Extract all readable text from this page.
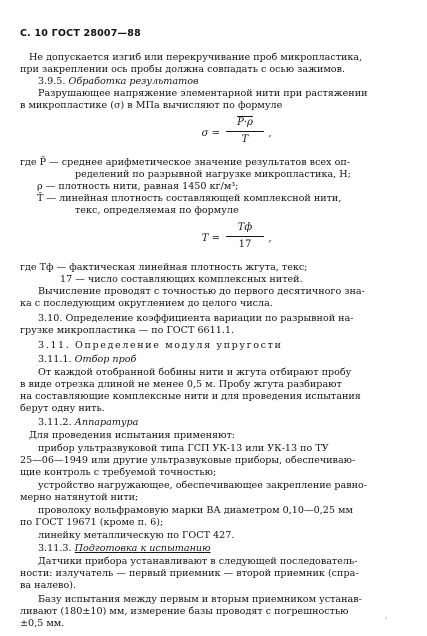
С. 10 ГОСТ 28007—88
Не допускается изгиб или перекручивание проб микропластика,
при закреплении ось пробы должна совпадать с осью зажимов.
3.9.5. Обработка результатов
Разрушающее напряжение элементарной нити при растяжении
в микропластике (σ) в МПа вычисляют по формуле
σ =
P·ρ
T
,
где P̄ — среднее арифметическое значение результатов всех оп-
ределений по разрывной нагрузке микропластика, Н;
ρ — плотность нити, равная 1450 кг/м³;
T̄ — линейная плотность составляющей комплексной нити,
текс, определяемая по формуле
T =
Tф
17
,
где Tф — фактическая линейная плотность жгута, текс;
17 — число составляющих комплексных нитей.
Вычисление проводят с точностью до первого десятичного зна-
ка с последующим округлением до целого числа.
3.10. Определение коэффициента вариации по разрывной на-
грузке микропластика — по ГОСТ 6611.1.
3.11. Определение модуля упругости
3.11.1. Отбор проб
От каждой отобранной бобины нити и жгута отбирают пробу
в виде отрезка длиной не менее 0,5 м. Пробу жгута разбирают
на составляющие комплексные нити и для проведения испытания
берут одну нить.
3.11.2. Аппаратура
Для проведения испытания применяют:
прибор ультразвуковой типа ГСП УК-13 или УК-13 по ТУ
25—06—1949 или другие ультразвуковые приборы, обеспечиваю-
щие контроль с требуемой точностью;
устройство нагружающее, обеспечивающее закрепление равно-
мерно натянутой нити;
проволоку вольфрамовую марки ВА диаметром 0,10—0,25 мм
по ГОСТ 19671 (кроме п. 6);
линейку металлическую по ГОСТ 427.
3.11.3. Подготовка к испытанию
Датчики прибора устанавливают в следующей последователь-
ности: излучатель — первый приемник — второй приемник (спра-
ва налево).
Базу испытания между первым и вторым приемником устанав-
ливают (180±10) мм, измерение базы проводят с погрешностью
±0,5 мм.	·
